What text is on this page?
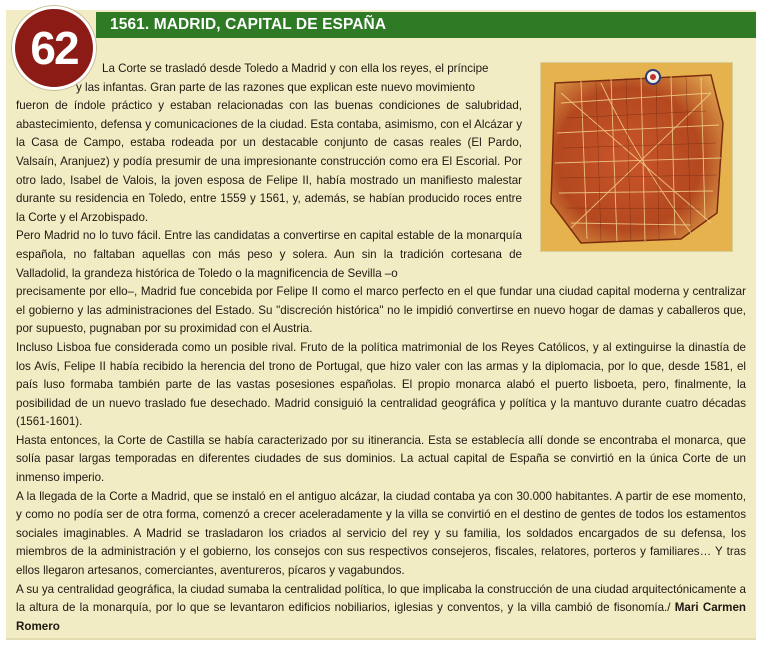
1561. MADRID, CAPITAL DE ESPAÑA
62	La Corte se trasladó desde Toledo a Madrid y con ella los reyes, el príncipe
y las infantas. Gran parte de las razones que explican este nuevo movimiento
fueron de índole práctico y estaban relacionadas con las buenas condiciones de salubridad, abastecimiento, defensa y comunicaciones de la ciudad. Esta contaba, asimismo, con el Alcázar y la Casa de Campo, estaba rodeada por un destacable conjunto de casas reales (El Pardo, Valsaín, Aranjuez) y podía presumir de una impresionante construcción como era El Escorial. Por otro lado, Isabel de Valois, la joven esposa de Felipe II, había mostrado un manifiesto malestar durante su residencia en Toledo, entre 1559 y 1561, y, además, se habían producido roces entre la Corte y el Arzobispado.

Pero Madrid no lo tuvo fácil. Entre las candidatas a convertirse en capital estable de la monarquía española, no faltaban aquellas con más peso y solera. Aun sin la tradición cortesana de Valladolid, la grandeza histórica de Toledo o la magnificencia de Sevilla –o

precisamente por ello–, Madrid fue concebida por Felipe II como el marco perfecto en el que fundar una ciudad capital moderna y centralizar el gobierno y las administraciones del Estado. Su "discreción histórica" no le impidió convertirse en nuevo hogar de damas y caballeros que, por supuesto, pugnaban por su proximidad con el Austria.

Incluso Lisboa fue considerada como un posible rival. Fruto de la política matrimonial de los Reyes Católicos, y al extinguirse la dinastía de los Avís, Felipe II había recibido la herencia del trono de Portugal, que hizo valer con las armas y la diplomacia, por lo que, desde 1581, el país luso formaba también parte de las vastas posesiones españolas. El propio monarca alabó el puerto lisboeta, pero, finalmente, la posibilidad de un nuevo traslado fue desechado. Madrid consiguió la centralidad geográfica y política y la mantuvo durante cuatro décadas (1561-1601).

Hasta entonces, la Corte de Castilla se había caracterizado por su itinerancia. Esta se establecía allí donde se encontraba el monarca, que solía pasar largas temporadas en diferentes ciudades de sus dominios. La actual capital de España se convirtió en la única Corte de un inmenso imperio.

A la llegada de la Corte a Madrid, que se instaló en el antiguo alcázar, la ciudad contaba ya con 30.000 habitantes. A partir de ese momento, y como no podía ser de otra forma, comenzó a crecer aceleradamente y la villa se convirtió en el destino de gentes de todos los estamentos sociales imaginables. A Madrid se trasladaron los criados al servicio del rey y su familia, los soldados encargados de su defensa, los miembros de la administración y el gobierno, los consejos con sus respectivos consejeros, fiscales, relatores, porteros y familiares… Y tras ellos llegaron artesanos, comerciantes, aventureros, pícaros y vagabundos.

A su ya centralidad geográfica, la ciudad sumaba la centralidad política, lo que implicaba la construcción de una ciudad arquitectónicamente a la altura de la monarquía, por lo que se levantaron edificios nobiliarios, iglesias y conventos, y la villa cambió de fisonomía./ Mari Carmen Romero
